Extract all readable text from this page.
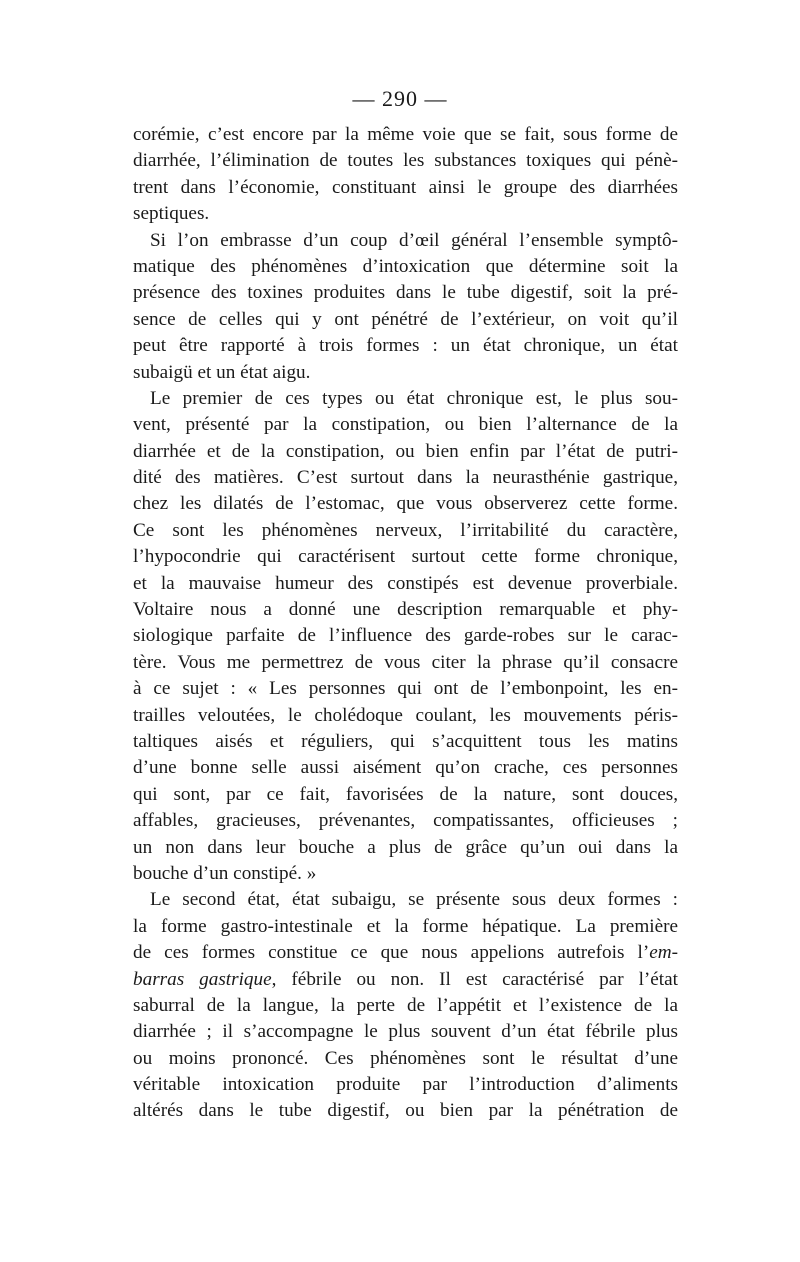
— 290 —
corémie, c’est encore par la même voie que se fait, sous forme de
diarrhée, l’élimination de toutes les substances toxiques qui pénè-
trent dans l’économie, constituant ainsi le groupe des diarrhées
septiques.
Si l’on embrasse d’un coup d’œil général l’ensemble symptô-
matique des phénomènes d’intoxication que détermine soit la
présence des toxines produites dans le tube digestif, soit la pré-
sence de celles qui y ont pénétré de l’extérieur, on voit qu’il
peut être rapporté à trois formes : un état chronique, un état
subaigü et un état aigu.
Le premier de ces types ou état chronique est, le plus sou-
vent, présenté par la constipation, ou bien l’alternance de la
diarrhée et de la constipation, ou bien enfin par l’état de putri-
dité des matières. C’est surtout dans la neurasthénie gastrique,
chez les dilatés de l’estomac, que vous observerez cette forme.
Ce sont les phénomènes nerveux, l’irritabilité du caractère,
l’hypocondrie qui caractérisent surtout cette forme chronique,
et la mauvaise humeur des constipés est devenue proverbiale.
Voltaire nous a donné une description remarquable et phy-
siologique parfaite de l’influence des garde-robes sur le carac-
tère. Vous me permettrez de vous citer la phrase qu’il consacre
à ce sujet : « Les personnes qui ont de l’embonpoint, les en-
trailles veloutées, le cholédoque coulant, les mouvements péris-
taltiques aisés et réguliers, qui s’acquittent tous les matins
d’une bonne selle aussi aisément qu’on crache, ces personnes
qui sont, par ce fait, favorisées de la nature, sont douces,
affables, gracieuses, prévenantes, compatissantes, officieuses ;
un non dans leur bouche a plus de grâce qu’un oui dans la
bouche d’un constipé. »
Le second état, état subaigu, se présente sous deux formes :
la forme gastro-intestinale et la forme hépatique. La première
de ces formes constitue ce que nous appelions autrefois l’em-
barras gastrique, fébrile ou non. Il est caractérisé par l’état
saburral de la langue, la perte de l’appétit et l’existence de la
diarrhée ; il s’accompagne le plus souvent d’un état fébrile plus
ou moins prononcé. Ces phénomènes sont le résultat d’une
véritable intoxication produite par l’introduction d’aliments
altérés dans le tube digestif, ou bien par la pénétration de
